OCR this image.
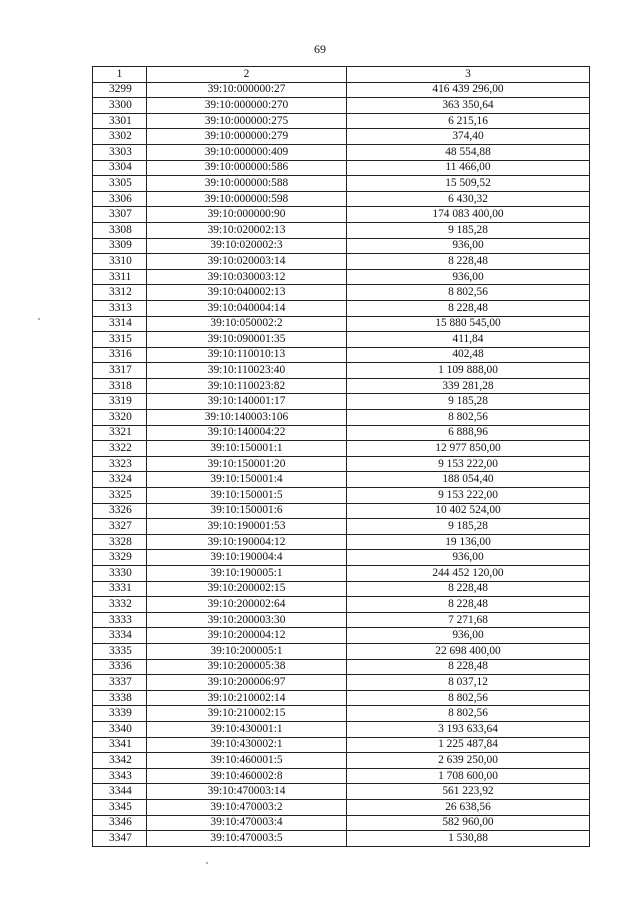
69
1	2	3
3299	39:10:000000:27	416 439 296,00
3300	39:10:000000:270	363 350,64
3301	39:10:000000:275	6 215,16
3302	39:10:000000:279	374,40
3303	39:10:000000:409	48 554,88
3304	39:10:000000:586	11 466,00
3305	39:10:000000:588	15 509,52
3306	39:10:000000:598	6 430,32
3307	39:10:000000:90	174 083 400,00
3308	39:10:020002:13	9 185,28
3309	39:10:020002:3	936,00
3310	39:10:020003:14	8 228,48
3311	39:10:030003:12	936,00
3312	39:10:040002:13	8 802,56
3313	39:10:040004:14	8 228,48
3314	39:10:050002:2	15 880 545,00
3315	39:10:090001:35	411,84
3316	39:10:110010:13	402,48
3317	39:10:110023:40	1 109 888,00
3318	39:10:110023:82	339 281,28
3319	39:10:140001:17	9 185,28
3320	39:10:140003:106	8 802,56
3321	39:10:140004:22	6 888,96
3322	39:10:150001:1	12 977 850,00
3323	39:10:150001:20	9 153 222,00
3324	39:10:150001:4	188 054,40
3325	39:10:150001:5	9 153 222,00
3326	39:10:150001:6	10 402 524,00
3327	39:10:190001:53	9 185,28
3328	39:10:190004:12	19 136,00
3329	39:10:190004:4	936,00
3330	39:10:190005:1	244 452 120,00
3331	39:10:200002:15	8 228,48
3332	39:10:200002:64	8 228,48
3333	39:10:200003:30	7 271,68
3334	39:10:200004:12	936,00
3335	39:10:200005:1	22 698 400,00
3336	39:10:200005:38	8 228,48
3337	39:10:200006:97	8 037,12
3338	39:10:210002:14	8 802,56
3339	39:10:210002:15	8 802,56
3340	39:10:430001:1	3 193 633,64
3341	39:10:430002:1	1 225 487,84
3342	39:10:460001:5	2 639 250,00
3343	39:10:460002:8	1 708 600,00
3344	39:10:470003:14	561 223,92
3345	39:10:470003:2	26 638,56
3346	39:10:470003:4	582 960,00
3347	39:10:470003:5	1 530,88
